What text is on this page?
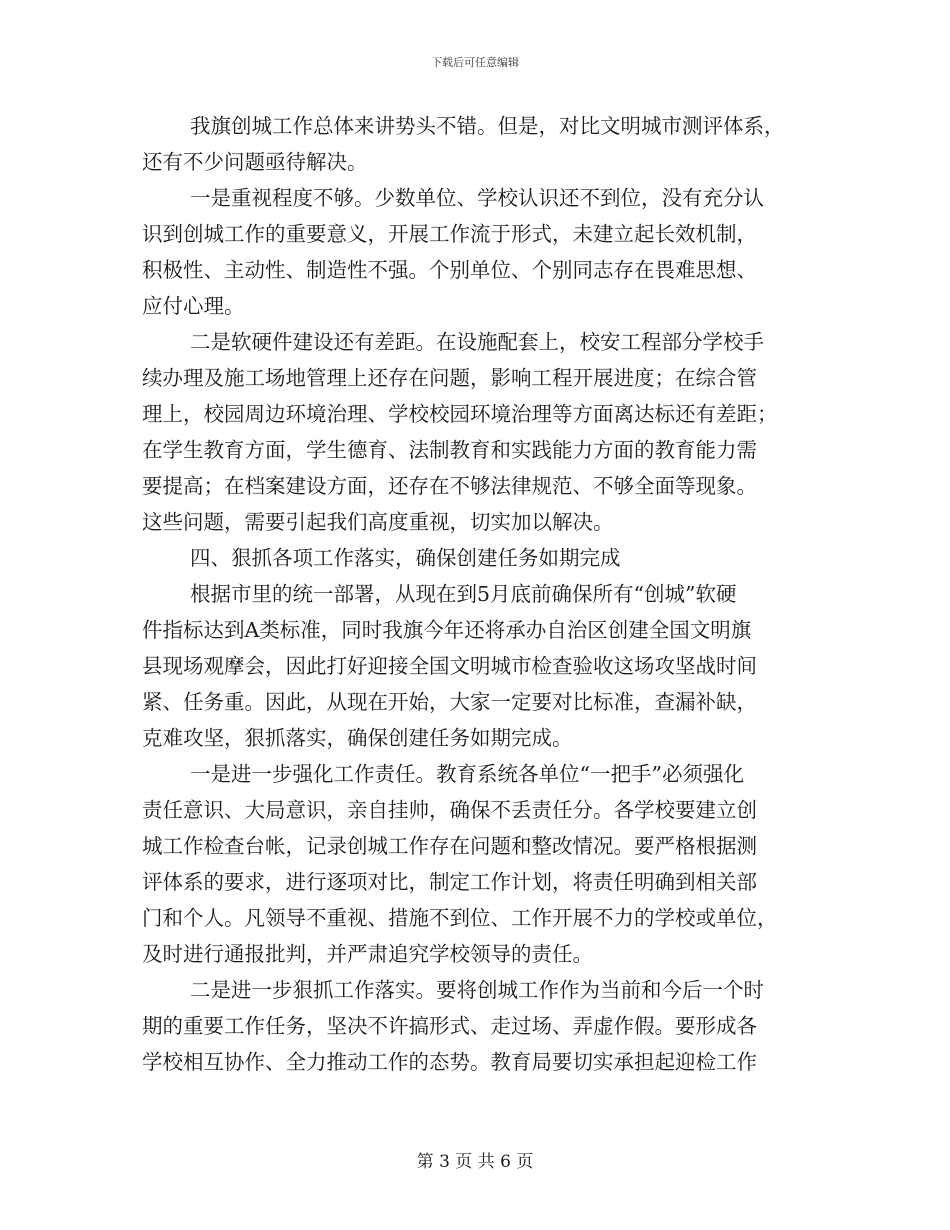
下载后可任意编辑
我旗创城工作总体来讲势头不错。但是，对比文明城市测评体系，
还有不少问题亟待解决。
一是重视程度不够。少数单位、学校认识还不到位，没有充分认
识到创城工作的重要意义，开展工作流于形式，未建立起长效机制，
积极性、主动性、制造性不强。个别单位、个别同志存在畏难思想、
应付心理。
二是软硬件建设还有差距。在设施配套上，校安工程部分学校手
续办理及施工场地管理上还存在问题，影响工程开展进度；在综合管
理上，校园周边环境治理、学校校园环境治理等方面离达标还有差距；
在学生教育方面，学生德育、法制教育和实践能力方面的教育能力需
要提高；在档案建设方面，还存在不够法律规范、不够全面等现象。
这些问题，需要引起我们高度重视，切实加以解决。
四、狠抓各项工作落实，确保创建任务如期完成
根据市里的统一部署，从现在到5月底前确保所有“创城”软硬
件指标达到A类标准，同时我旗今年还将承办自治区创建全国文明旗
县现场观摩会，因此打好迎接全国文明城市检查验收这场攻坚战时间
紧、任务重。因此，从现在开始，大家一定要对比标准，查漏补缺，
克难攻坚，狠抓落实，确保创建任务如期完成。
一是进一步强化工作责任。教育系统各单位“一把手”必须强化
责任意识、大局意识，亲自挂帅，确保不丢责任分。各学校要建立创
城工作检查台帐，记录创城工作存在问题和整改情况。要严格根据测
评体系的要求，进行逐项对比，制定工作计划，将责任明确到相关部
门和个人。凡领导不重视、措施不到位、工作开展不力的学校或单位，
及时进行通报批判，并严肃追究学校领导的责任。
二是进一步狠抓工作落实。要将创城工作作为当前和今后一个时
期的重要工作任务，坚决不许搞形式、走过场、弄虚作假。要形成各
学校相互协作、全力推动工作的态势。教育局要切实承担起迎检工作
第 3 页 共 6 页
